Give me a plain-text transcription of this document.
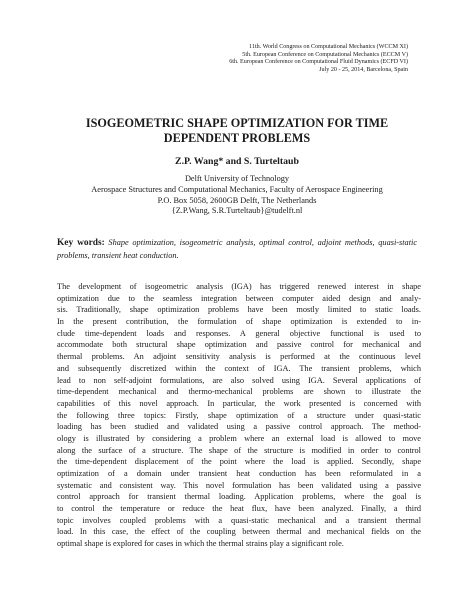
11th. World Congress on Computational Mechanics (WCCM XI)
5th. European Conference on Computational Mechanics (ECCM V)
6th. European Conference on Computational Fluid Dynamics (ECFD VI)
July 20 - 25, 2014, Barcelona, Spain
ISOGEOMETRIC SHAPE OPTIMIZATION FOR TIME
DEPENDENT PROBLEMS
Z.P. Wang* and S. Turteltaub
Delft University of Technology
Aerospace Structures and Computational Mechanics, Faculty of Aerospace Engineering
P.O. Box 5058, 2600GB Delft, The Netherlands
{Z.P.Wang, S.R.Turteltaub}@tudelft.nl
Key words: Shape optimization, isogeometric analysis, optimal control, adjoint methods, quasi-static problems, transient heat conduction.
The development of isogeometric analysis (IGA) has triggered renewed interest in shape
optimization due to the seamless integration between computer aided design and analy-
sis. Traditionally, shape optimization problems have been mostly limited to static loads.
In the present contribution, the formulation of shape optimization is extended to in-
clude time-dependent loads and responses. A general objective functional is used to
accommodate both structural shape optimization and passive control for mechanical and
thermal problems. An adjoint sensitivity analysis is performed at the continuous level
and subsequently discretized within the context of IGA. The transient problems, which
lead to non self-adjoint formulations, are also solved using IGA. Several applications of
time-dependent mechanical and thermo-mechanical problems are shown to illustrate the
capabilities of this novel approach. In particular, the work presented is concerned with
the following three topics: Firstly, shape optimization of a structure under quasi-static
loading has been studied and validated using a passive control approach. The method-
ology is illustrated by considering a problem where an external load is allowed to move
along the surface of a structure. The shape of the structure is modified in order to control
the time-dependent displacement of the point where the load is applied. Secondly, shape
optimization of a domain under transient heat conduction has been reformulated in a
systematic and consistent way. This novel formulation has been validated using a passive
control approach for transient thermal loading. Application problems, where the goal is
to control the temperature or reduce the heat flux, have been analyzed. Finally, a third
topic involves coupled problems with a quasi-static mechanical and a transient thermal
load. In this case, the effect of the coupling between thermal and mechanical fields on the
optimal shape is explored for cases in which the thermal strains play a significant role.
